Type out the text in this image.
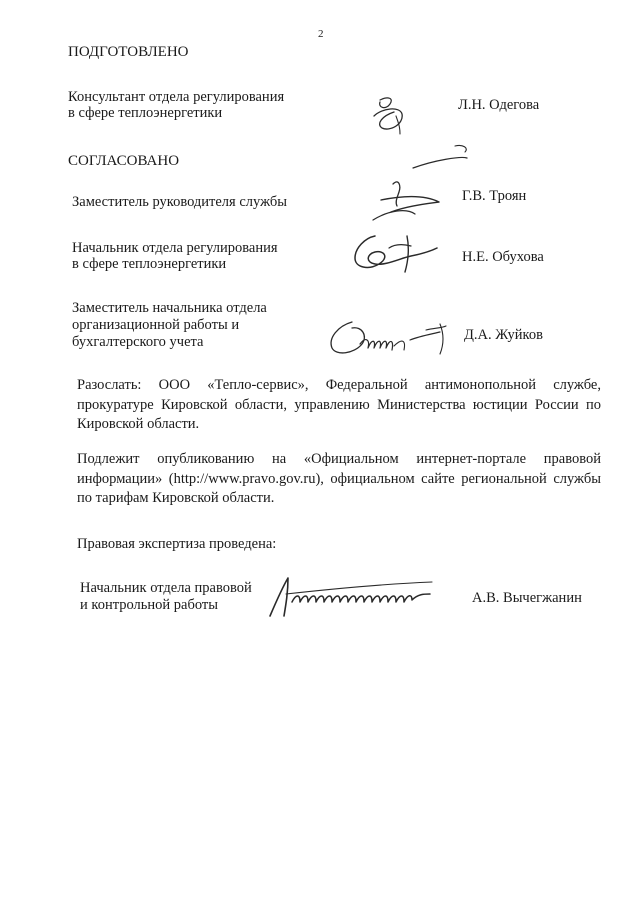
2
ПОДГОТОВЛЕНО
Консультант отдела регулирования
в сфере теплоэнергетики	Л.Н. Одегова
СОГЛАСОВАНО
Заместитель руководителя службы	Г.В. Троян
Начальник отдела регулирования
в сфере теплоэнергетики	Н.Е. Обухова
Заместитель начальника отдела
организационной работы и
бухгалтерского учета	Д.А. Жуйков
Разослать: ООО «Тепло-сервис», Федеральной антимонопольной службе, прокуратуре Кировской области, управлению Министерства юстиции России по Кировской области.
Подлежит опубликованию на «Официальном интернет-портале правовой информации» (http://www.pravo.gov.ru), официальном сайте региональной службы по тарифам Кировской области.
Правовая экспертиза проведена:
Начальник отдела правовой
и контрольной работы	А.В. Вычегжанин
